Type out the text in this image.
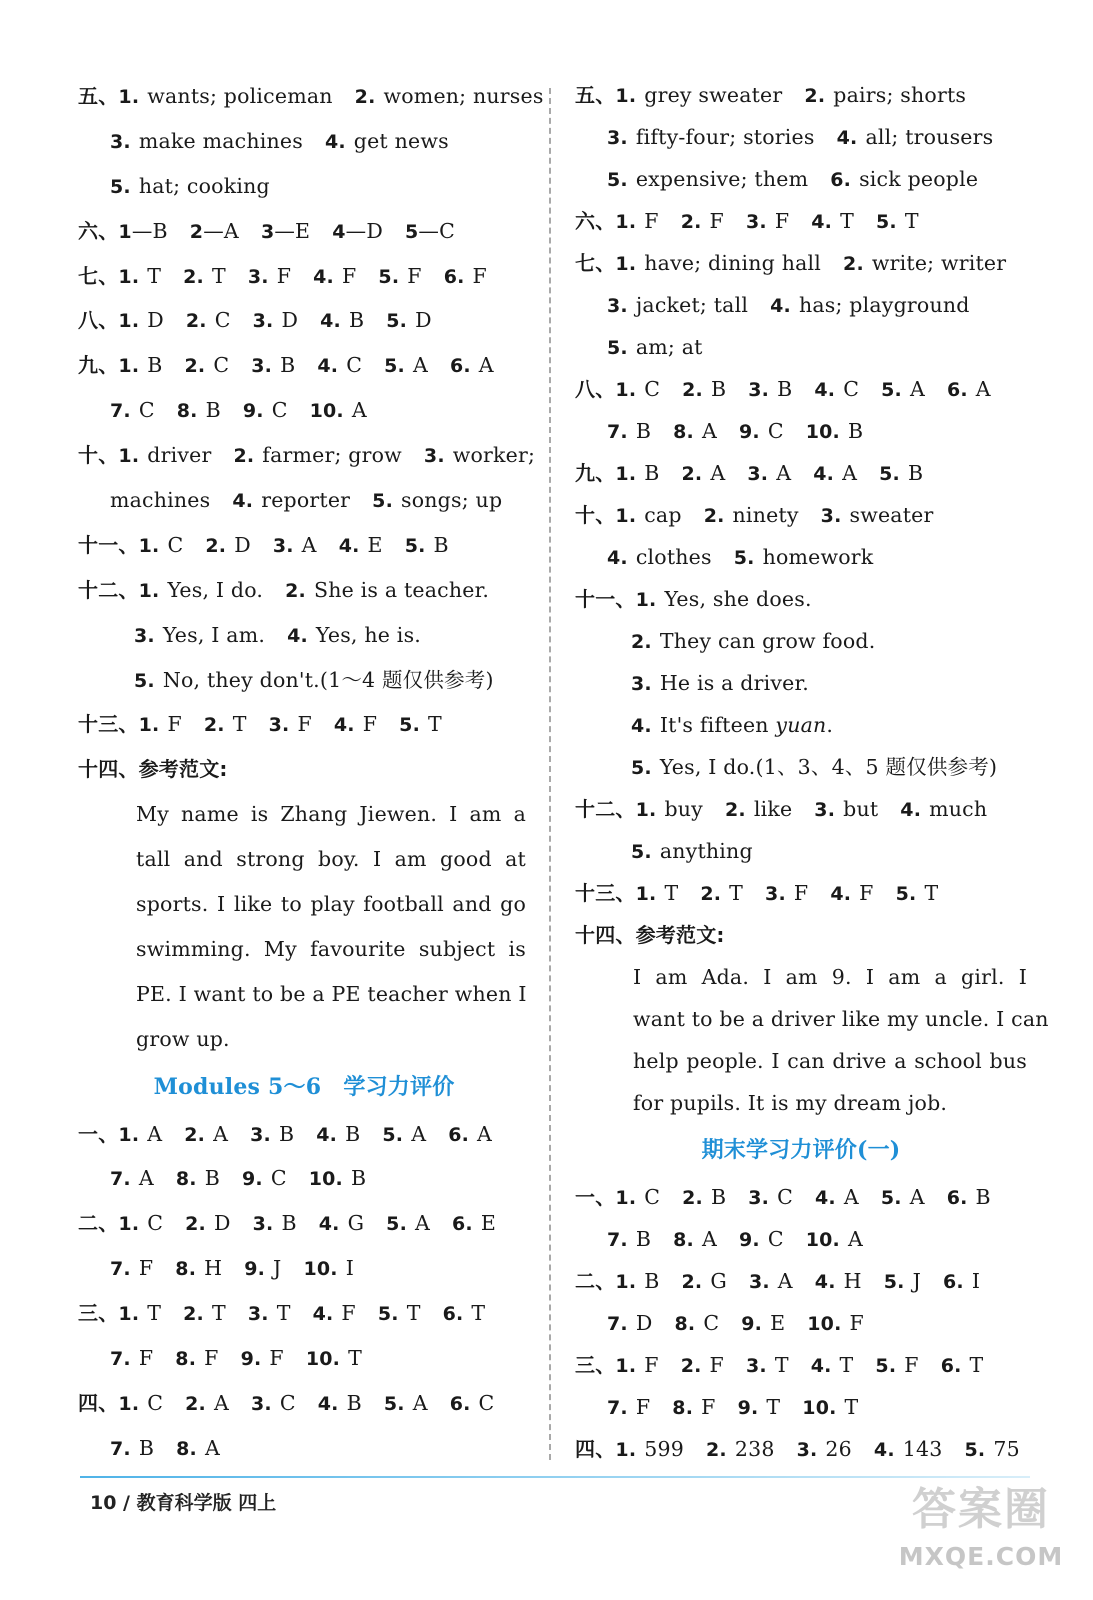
五、1. wants; policeman 2. women; nurses
3. make machines 4. get news
5. hat; cooking
六、1—B 2—A 3—E 4—D 5—C
七、1. T 2. T 3. F 4. F 5. F 6. F
八、1. D 2. C 3. D 4. B 5. D
九、1. B 2. C 3. B 4. C 5. A 6. A
7. C 8. B 9. C 10. A
十、1. driver 2. farmer; grow 3. worker;
machines 4. reporter 5. songs; up
十一、1. C 2. D 3. A 4. E 5. B
十二、1. Yes, I do. 2. She is a teacher.
3. Yes, I am. 4. Yes, he is.
5. No, they don't.(1～4 题仅供参考)
十三、1. F 2. T 3. F 4. F 5. T
十四、参考范文:
My name is Zhang Jiewen. I am a
tall and strong boy. I am good at
sports. I like to play football and go
swimming. My favourite subject is
PE. I want to be a PE teacher when I
grow up.
Modules 5～6　学习力评价
一、1. A 2. A 3. B 4. B 5. A 6. A
7. A 8. B 9. C 10. B
二、1. C 2. D 3. B 4. G 5. A 6. E
7. F 8. H 9. J 10. I
三、1. T 2. T 3. T 4. F 5. T 6. T
7. F 8. F 9. F 10. T
四、1. C 2. A 3. C 4. B 5. A 6. C
7. B 8. A
五、1. grey sweater 2. pairs; shorts
3. fifty-four; stories 4. all; trousers
5. expensive; them 6. sick people
六、1. F 2. F 3. F 4. T 5. T
七、1. have; dining hall 2. write; writer
3. jacket; tall 4. has; playground
5. am; at
八、1. C 2. B 3. B 4. C 5. A 6. A
7. B 8. A 9. C 10. B
九、1. B 2. A 3. A 4. A 5. B
十、1. cap 2. ninety 3. sweater
4. clothes 5. homework
十一、1. Yes, she does.
2. They can grow food.
3. He is a driver.
4. It's fifteen yuan.
5. Yes, I do.(1、3、4、5 题仅供参考)
十二、1. buy 2. like 3. but 4. much
5. anything
十三、1. T 2. T 3. F 4. F 5. T
十四、参考范文:
I am Ada. I am 9. I am a girl. I
want to be a driver like my uncle. I can
help people. I can drive a school bus
for pupils. It is my dream job.
期末学习力评价(一)
一、1. C 2. B 3. C 4. A 5. A 6. B
7. B 8. A 9. C 10. A
二、1. B 2. G 3. A 4. H 5. J 6. I
7. D 8. C 9. E 10. F
三、1. F 2. F 3. T 4. T 5. F 6. T
7. F 8. F 9. T 10. T
四、1. 599 2. 238 3. 26 4. 143 5. 75
10 / 教育科学版 四上	答案圈
MXQE.COM
